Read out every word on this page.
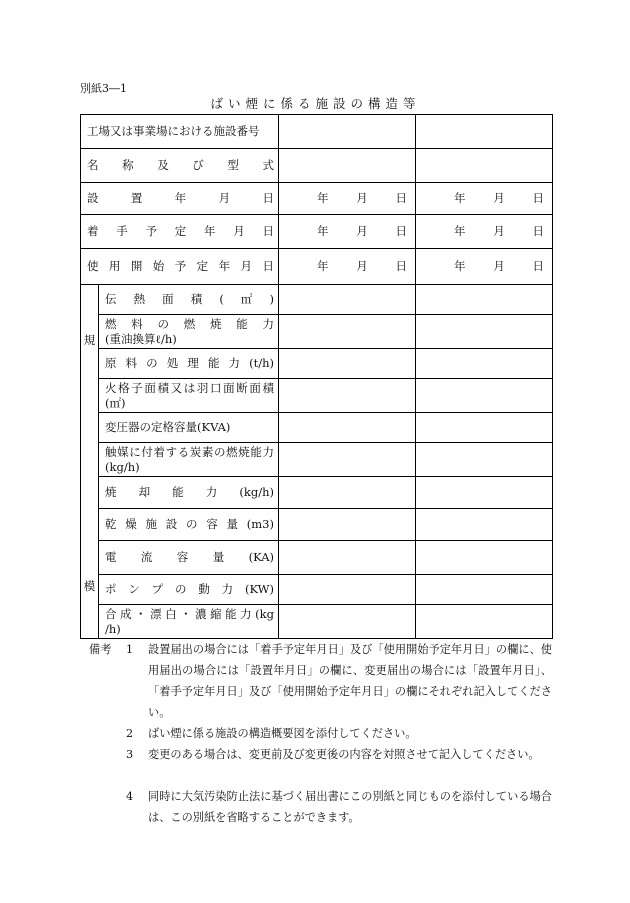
別紙3―1
ばい煙に係る施設の構造等
工場又は事業場における施設番号			
名称及び型式			
設置年月日		年 月 日	年 月 日

着手予定年月日		年 月 日	年 月 日

使用開始予定年月日		年 月 日	年 月 日

規
模	伝熱面積(㎡)		

	燃料の燃焼能力
(重油換算ℓ/h)		

	原料の処理能力(t/h)		

	火格子面積又は羽口面断面積
(㎡)		

	変圧器の定格容量(KVA)		

	触媒に付着する炭素の燃焼能力
(kg/h)		

	焼却能力(kg/h)		
	乾燥施設の容量(m3)		
	電流容量(KA)		
	ポンプの動力(KW)		

	合成・漂白・濃縮能力(kg
/h)		

備考 1	設置届出の場合には「着手予定年月日」及び「使用開始予定年月日」の欄に、使用届出の場合には「設置年月日」の欄に、変更届出の場合には「設置年月日」、「着手予定年月日」及び「使用開始予定年月日」の欄にそれぞれ記入してください。
2	ばい煙に係る施設の構造概要図を添付してください。
3	変更のある場合は、変更前及び変更後の内容を対照させて記入してください。
4	同時に大気汚染防止法に基づく届出書にこの別紙と同じものを添付している場合は、この別紙を省略することができます。
